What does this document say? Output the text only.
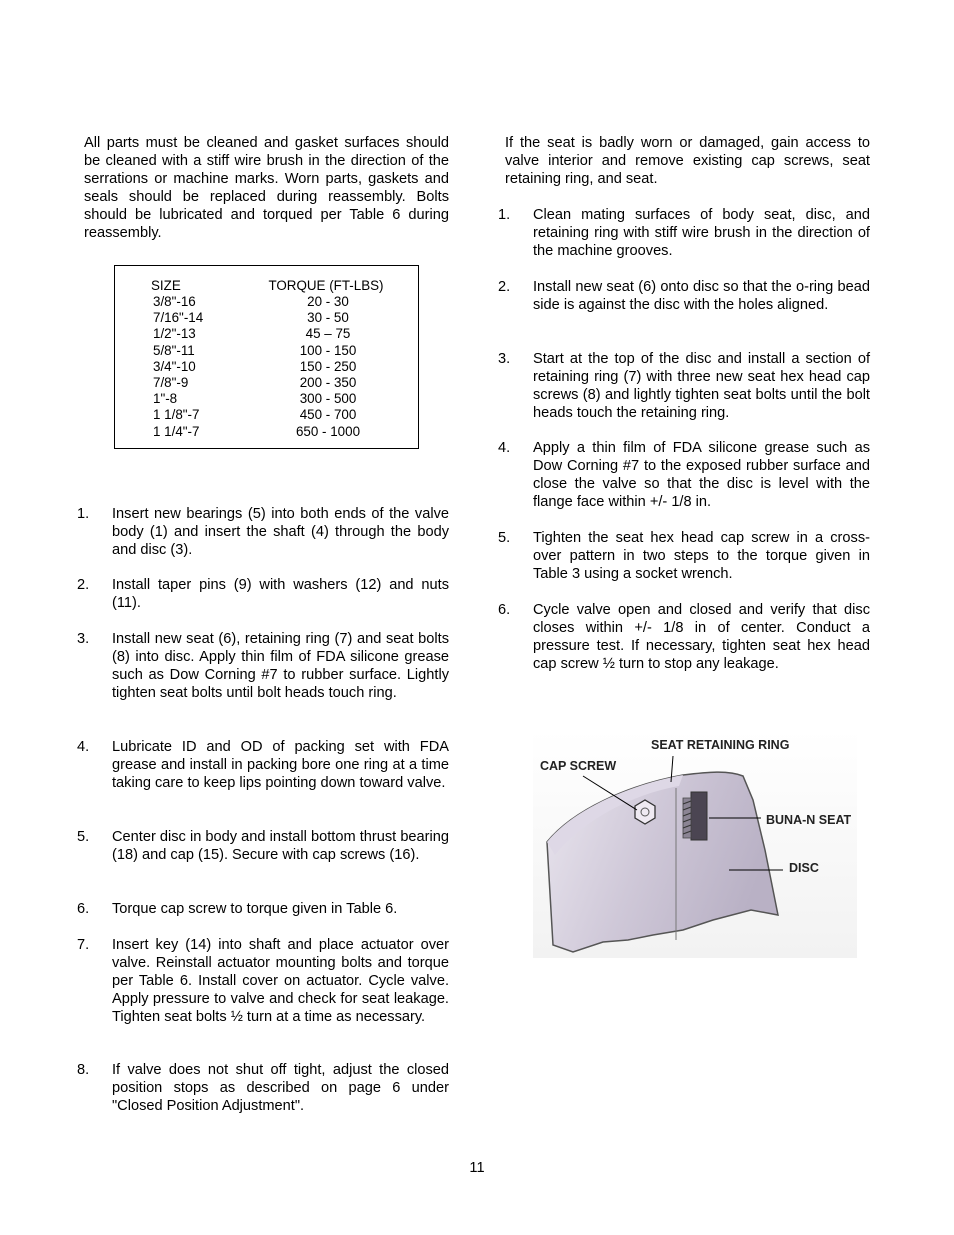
All parts must be cleaned and gasket surfaces should be cleaned with a stiff wire brush in the direction of the serrations or machine marks. Worn parts, gaskets and seals should be replaced during reassembly. Bolts should be lubricated and torqued per Table 6 during reassembly.

SIZE	TORQUE (FT-LBS)
3/8"-16	20 - 30
7/16"-14	30 - 50
1/2"-13	45 – 75
5/8"-11	100 - 150
3/4"-10	150 - 250
7/8"-9	200 - 350
1"-8	300 - 500
1 1/8"-7	450 - 700
1 1/4"-7	650 - 1000
1. Insert new bearings (5) into both ends of the valve body (1) and insert the shaft (4) through the body and disc (3).
2. Install taper pins (9) with washers (12) and nuts (11).
3. Install new seat (6), retaining ring (7) and seat bolts (8) into disc. Apply thin film of FDA silicone grease such as Dow Corning #7 to rubber surface. Lightly tighten seat bolts until bolt heads touch ring.
4. Lubricate ID and OD of packing set with FDA grease and install in packing bore one ring at a time taking care to keep lips pointing down toward valve.
5. Center disc in body and install bottom thrust bearing (18) and cap (15). Secure with cap screws (16).
6. Torque cap screw to torque given in Table 6.
7. Insert key (14) into shaft and place actuator over valve. Reinstall actuator mounting bolts and torque per Table 6. Install cover on actuator. Cycle valve. Apply pressure to valve and check for seat leakage. Tighten seat bolts ½ turn at a time as necessary.
8. If valve does not shut off tight, adjust the closed position stops as described on page 6 under "Closed Position Adjustment".

If the seat is badly worn or damaged, gain access to valve interior and remove existing cap screws, seat retaining ring, and seat.

1. Clean mating surfaces of body seat, disc, and retaining ring with stiff wire brush in the direction of the machine grooves.
2. Install new seat (6) onto disc so that the o-ring bead side is against the disc with the holes aligned.
3. Start at the top of the disc and install a section of retaining ring (7) with three new seat hex head cap screws (8) and lightly tighten seat bolts until the bolt heads touch the retaining ring.
4. Apply a thin film of FDA silicone grease such as Dow Corning #7 to the exposed rubber surface and close the valve so that the disc is level with the flange face within +/- 1/8 in.
5. Tighten the seat hex head cap screw in a cross-over pattern in two steps to the torque given in Table 3 using a socket wrench.
6. Cycle valve open and closed and verify that disc closes within +/- 1/8 in of center. Conduct a pressure test. If necessary, tighten seat hex head cap screw ½ turn to stop any leakage.
SEAT RETAINING RING
CAP SCREW
BUNA-N SEAT
DISC
11
